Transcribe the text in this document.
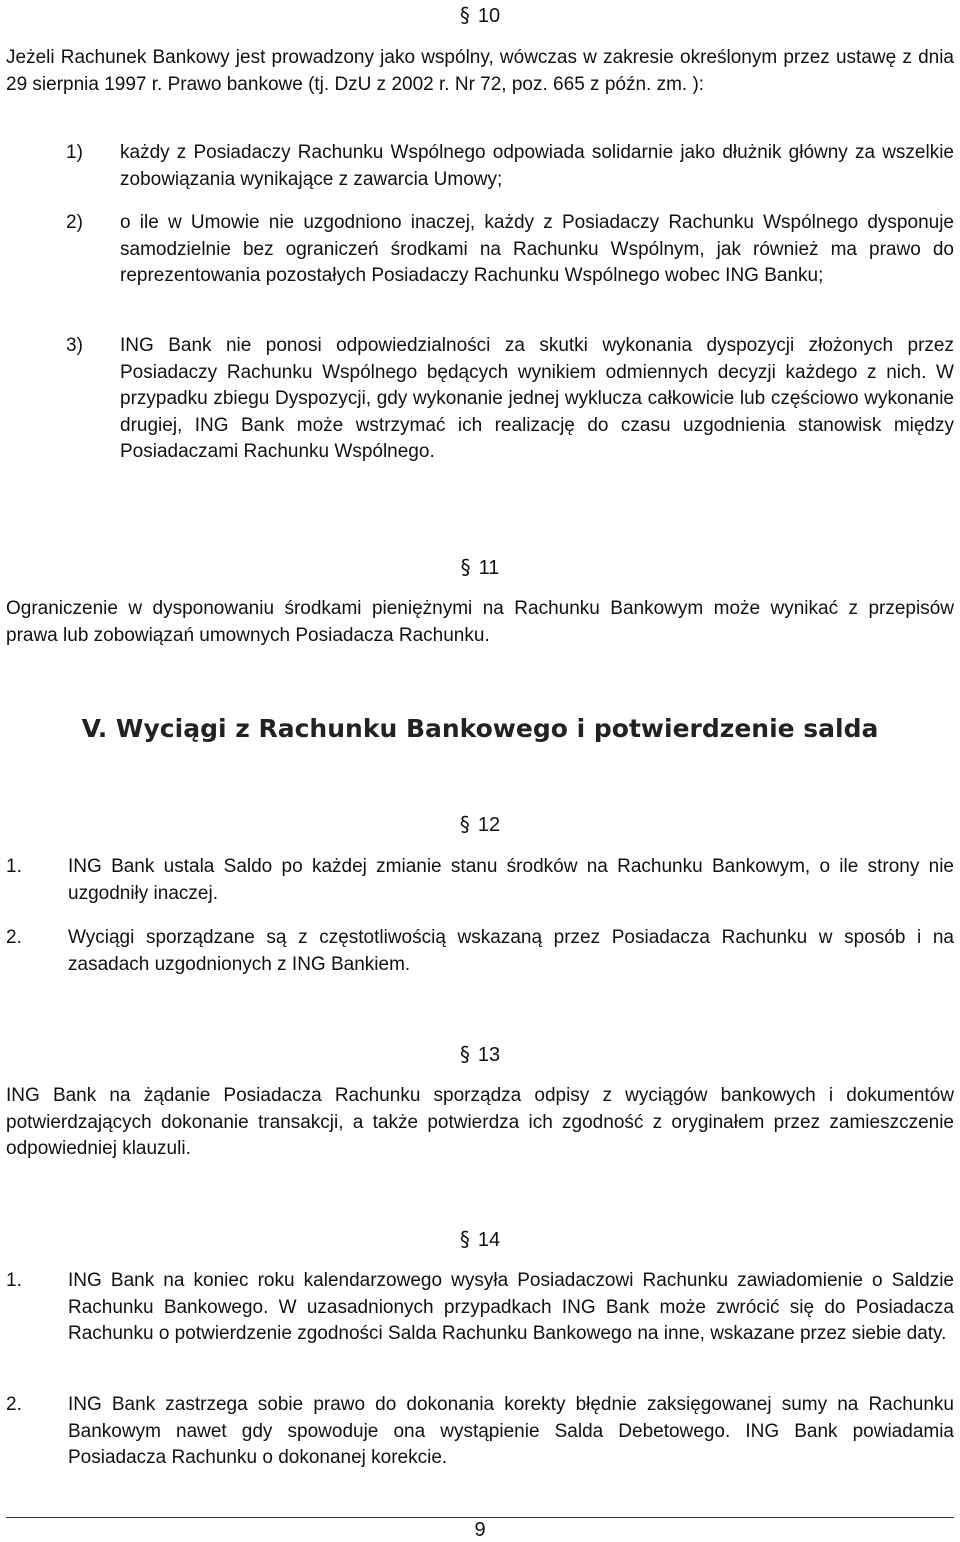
§ 10

Jeżeli Rachunek Bankowy jest prowadzony jako wspólny, wówczas w zakresie określonym przez ustawę z dnia 29 sierpnia 1997 r. Prawo bankowe (tj. DzU z 2002 r. Nr 72, poz. 665 z późn. zm. ):

1) każdy z Posiadaczy Rachunku Wspólnego odpowiada solidarnie jako dłużnik główny za wszelkie zobowiązania wynikające z zawarcia Umowy;

2) o ile w Umowie nie uzgodniono inaczej, każdy z Posiadaczy Rachunku Wspólnego dysponuje samodzielnie bez ograniczeń środkami na Rachunku Wspólnym, jak również ma prawo do reprezentowania pozostałych Posiadaczy Rachunku Wspólnego wobec ING Banku;

3) ING Bank nie ponosi odpowiedzialności za skutki wykonania dyspozycji złożonych przez Posiadaczy Rachunku Wspólnego będących wynikiem odmiennych decyzji każdego z nich. W przypadku zbiegu Dyspozycji, gdy wykonanie jednej wyklucza całkowicie lub częściowo wykonanie drugiej, ING Bank może wstrzymać ich realizację do czasu uzgodnienia stanowisk między Posiadaczami Rachunku Wspólnego.

§ 11

Ograniczenie w dysponowaniu środkami pieniężnymi na Rachunku Bankowym może wynikać z przepisów prawa lub zobowiązań umownych Posiadacza Rachunku.

V. Wyciągi z Rachunku Bankowego i potwierdzenie salda
§ 12
1. ING Bank ustala Saldo po każdej zmianie stanu środków na Rachunku Bankowym, o ile strony nie uzgodniły inaczej.

2. Wyciągi sporządzane są z częstotliwością wskazaną przez Posiadacza Rachunku w sposób i na zasadach uzgodnionych z ING Bankiem.

§ 13

ING Bank na żądanie Posiadacza Rachunku sporządza odpisy z wyciągów bankowych i dokumentów potwierdzających dokonanie transakcji, a także potwierdza ich zgodność z oryginałem przez zamieszczenie odpowiedniej klauzuli.

§ 14
1. ING Bank na koniec roku kalendarzowego wysyła Posiadaczowi Rachunku zawiadomienie o Saldzie Rachunku Bankowego. W uzasadnionych przypadkach ING Bank może zwrócić się do Posiadacza Rachunku o potwierdzenie zgodności Salda Rachunku Bankowego na inne, wskazane przez siebie daty.

2. ING Bank zastrzega sobie prawo do dokonania korekty błędnie zaksięgowanej sumy na Rachunku Bankowym nawet gdy spowoduje ona wystąpienie Salda Debetowego. ING Bank powiadamia Posiadacza Rachunku o dokonanej korekcie.

9
